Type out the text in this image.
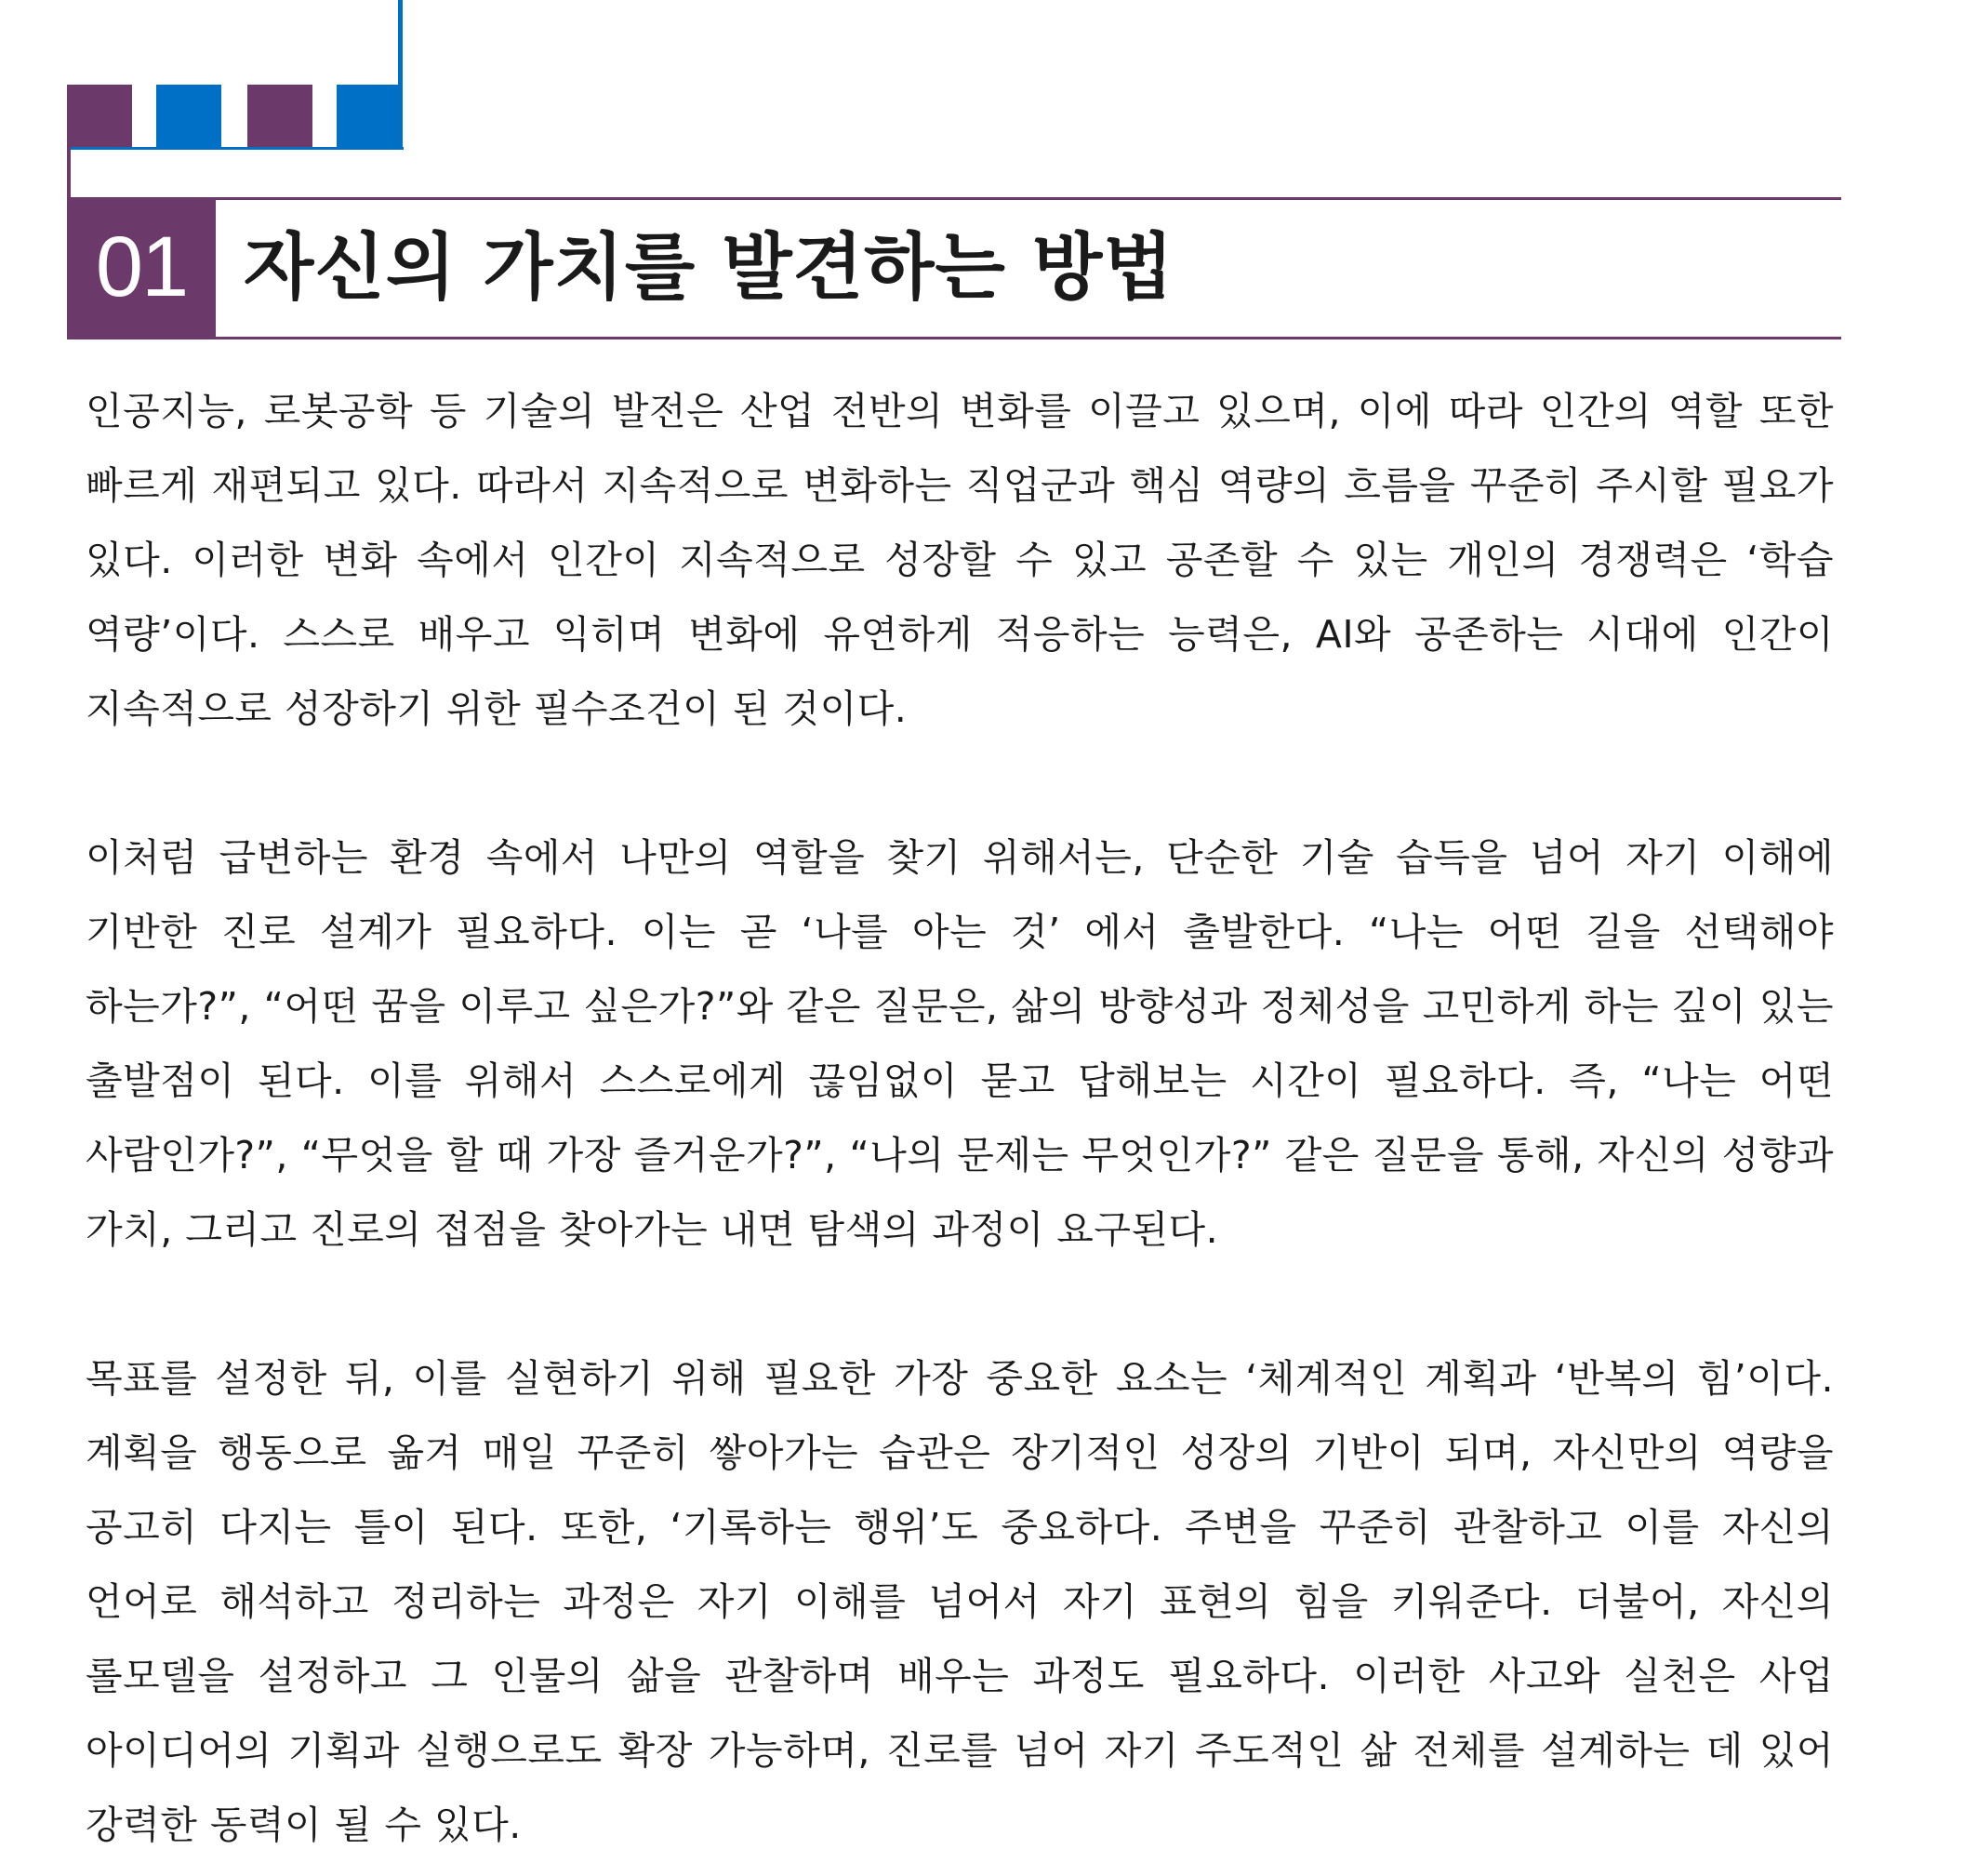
01 자신의 가치를 발견하는 방법

인공지능, 로봇공학 등 기술의 발전은 산업 전반의 변화를 이끌고 있으며, 이에 따라 인간의 역할 또한 빠르게 재편되고 있다. 따라서 지속적으로 변화하는 직업군과 핵심 역량의 흐름을 꾸준히 주시할 필요가 있다. 이러한 변화 속에서 인간이 지속적으로 성장할 수 있고 공존할 수 있는 개인의 경쟁력은 ‘학습 역량’이다. 스스로 배우고 익히며 변화에 유연하게 적응하는 능력은, AI와 공존하는 시대에 인간이 지속적으로 성장하기 위한 필수조건이 된 것이다.

이처럼 급변하는 환경 속에서 나만의 역할을 찾기 위해서는, 단순한 기술 습득을 넘어 자기 이해에 기반한 진로 설계가 필요하다. 이는 곧 ‘나를 아는 것’ 에서 출발한다. “나는 어떤 길을 선택해야 하는가?”, “어떤 꿈을 이루고 싶은가?”와 같은 질문은, 삶의 방향성과 정체성을 고민하게 하는 깊이 있는 출발점이 된다. 이를 위해서 스스로에게 끊임없이 묻고 답해보는 시간이 필요하다. 즉, “나는 어떤 사람인가?”, “무엇을 할 때 가장 즐거운가?”, “나의 문제는 무엇인가?” 같은 질문을 통해, 자신의 성향과 가치, 그리고 진로의 접점을 찾아가는 내면 탐색의 과정이 요구된다.

목표를 설정한 뒤, 이를 실현하기 위해 필요한 가장 중요한 요소는 ‘체계적인 계획과 ‘반복의 힘’이다. 계획을 행동으로 옮겨 매일 꾸준히 쌓아가는 습관은 장기적인 성장의 기반이 되며, 자신만의 역량을 공고히 다지는 틀이 된다. 또한, ‘기록하는 행위’도 중요하다. 주변을 꾸준히 관찰하고 이를 자신의 언어로 해석하고 정리하는 과정은 자기 이해를 넘어서 자기 표현의 힘을 키워준다. 더불어, 자신의 롤모델을 설정하고 그 인물의 삶을 관찰하며 배우는 과정도 필요하다. 이러한 사고와 실천은 사업 아이디어의 기획과 실행으로도 확장 가능하며, 진로를 넘어 자기 주도적인 삶 전체를 설계하는 데 있어 강력한 동력이 될 수 있다.
